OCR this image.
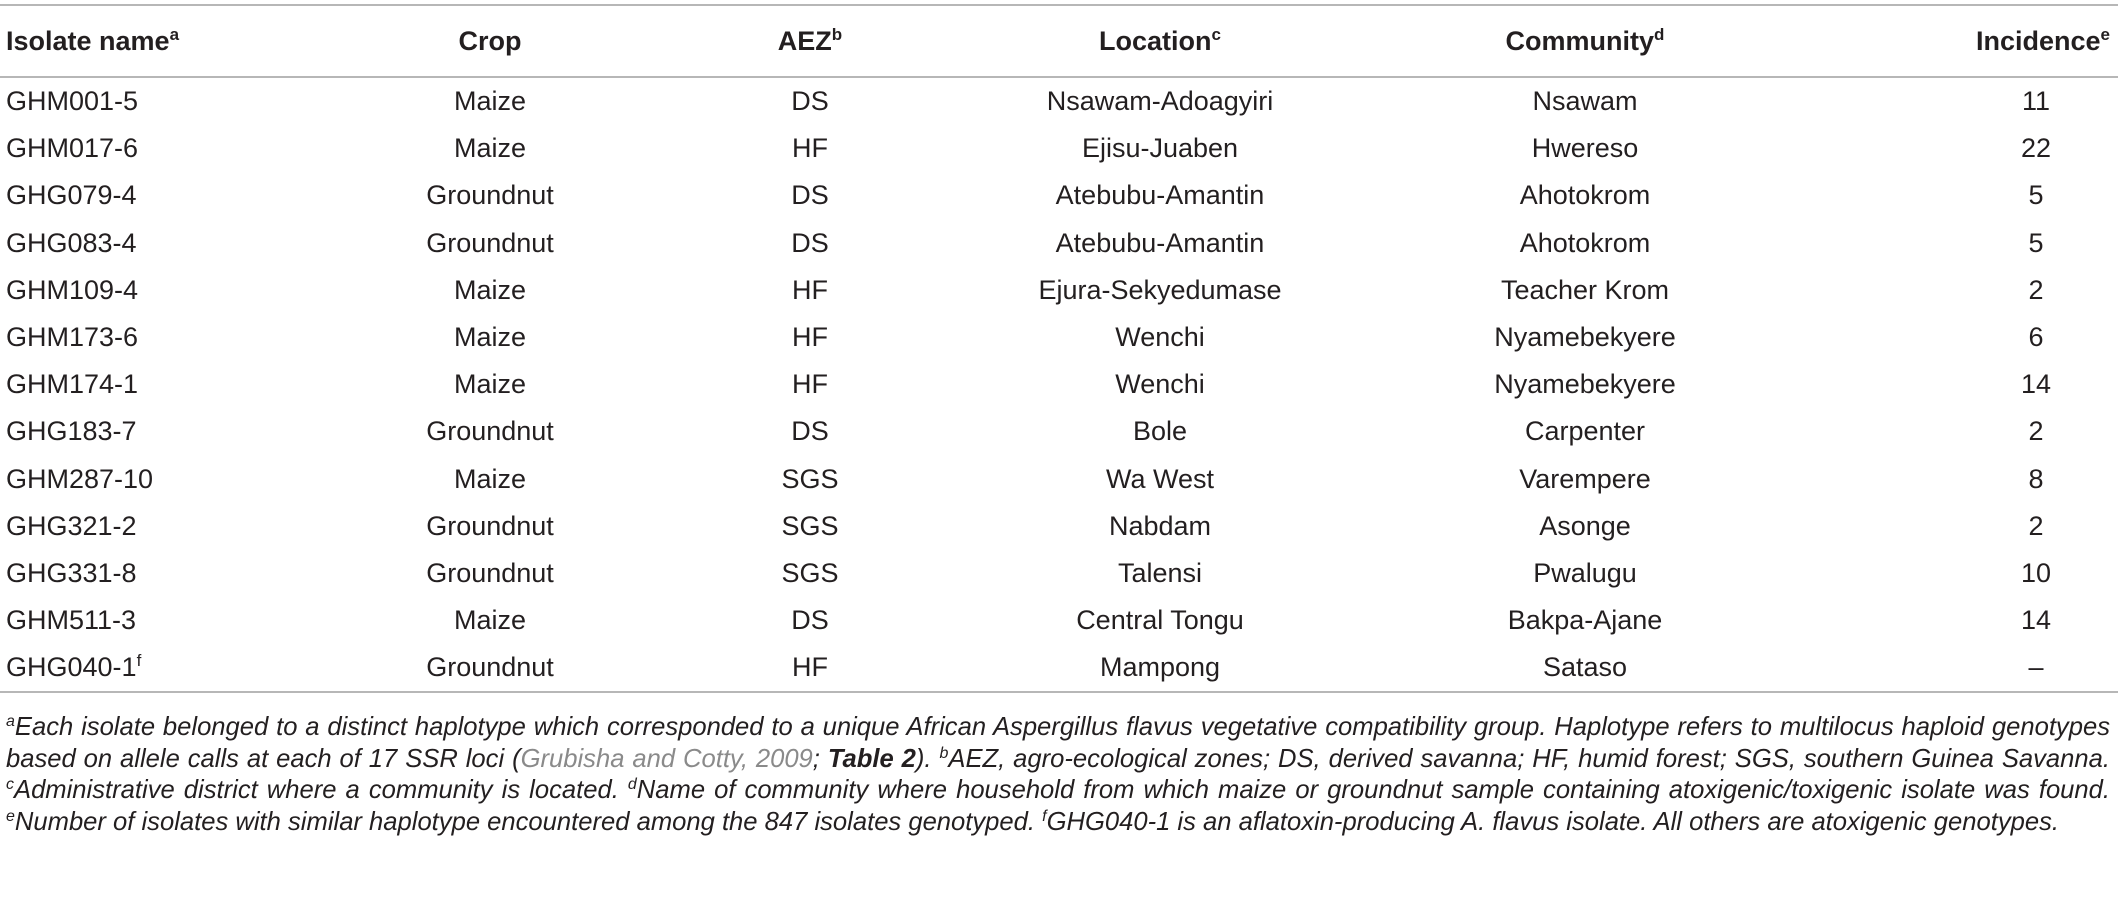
Isolate name$^a$	Crop	AEZ$^b$	Location$^c$	Community$^d$	Incidence$^e$
GHM001-5	Maize	DS	Nsawam-Adoagyiri	Nsawam	11
GHM017-6	Maize	HF	Ejisu-Juaben	Hwereso	22
GHG079-4	Groundnut	DS	Atebubu-Amantin	Ahotokrom	5
GHG083-4	Groundnut	DS	Atebubu-Amantin	Ahotokrom	5
GHM109-4	Maize	HF	Ejura-Sekyedumase	Teacher Krom	2
GHM173-6	Maize	HF	Wenchi	Nyamebekyere	6
GHM174-1	Maize	HF	Wenchi	Nyamebekyere	14
GHG183-7	Groundnut	DS	Bole	Carpenter	2
GHM287-10	Maize	SGS	Wa West	Varempere	8
GHG321-2	Groundnut	SGS	Nabdam	Asonge	2
GHG331-8	Groundnut	SGS	Talensi	Pwalugu	10
GHM511-3	Maize	DS	Central Tongu	Bakpa-Ajane	14
GHG040-1$^f$	Groundnut	HF	Mampong	Sataso	–
$^a$Each isolate belonged to a distinct haplotype which corresponded to a unique African Aspergillus flavus vegetative compatibility group. Haplotype refers to multilocus haploid genotypes based on allele calls at each of 17 SSR loci (Grubisha and Cotty, 2009; Table 2). $^b$AEZ, agro-ecological zones; DS, derived savanna; HF, humid forest; SGS, southern Guinea Savanna. $^c$Administrative district where a community is located. $^d$Name of community where household from which maize or groundnut sample containing atoxigenic/toxigenic isolate was found. $^e$Number of isolates with similar haplotype encountered among the 847 isolates genotyped. $^f$GHG040-1 is an aflatoxin-producing A. flavus isolate. All others are atoxigenic genotypes.
